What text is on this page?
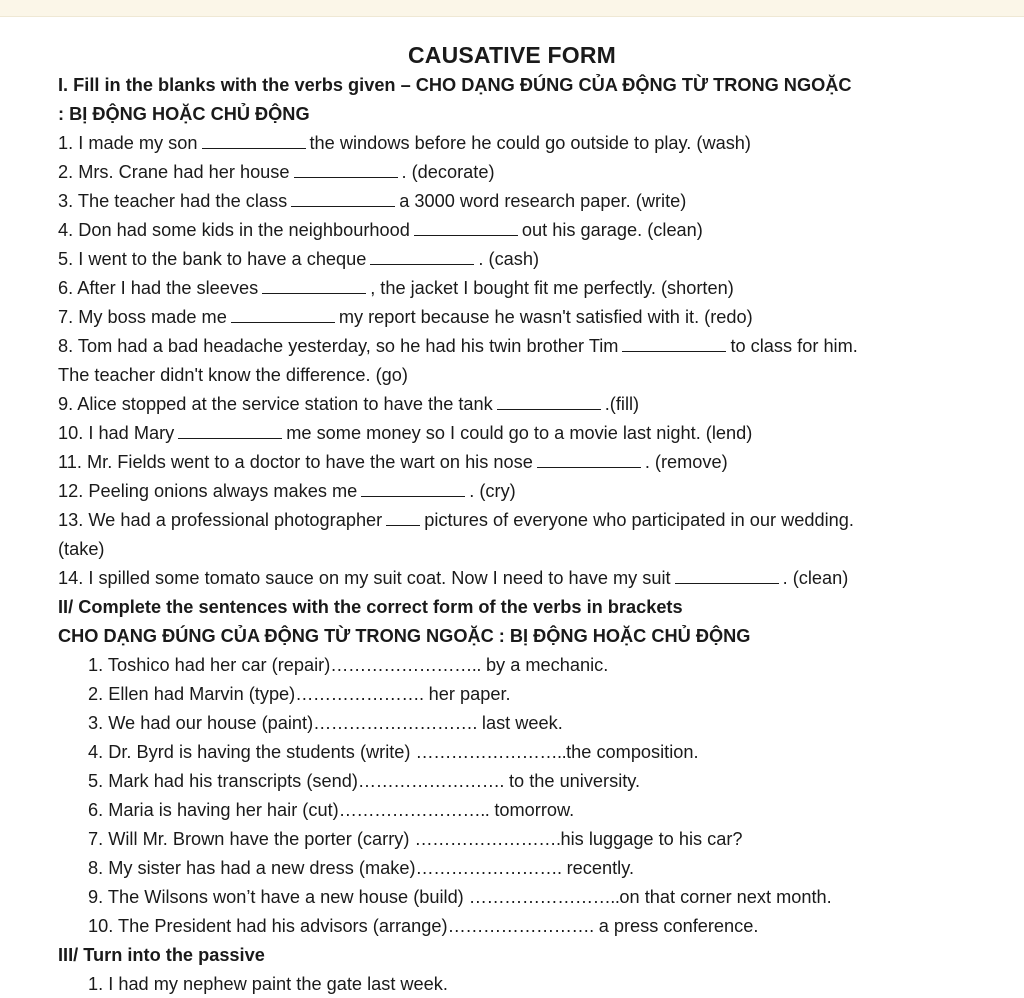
CAUSATIVE FORM
I. Fill in the blanks with the verbs given – CHO DẠNG ĐÚNG CỦA ĐỘNG TỪ TRONG NGOẶC
: BỊ ĐỘNG HOẶC CHỦ ĐỘNG
1. I made my son	the windows before he could go outside to play. (wash)
2. Mrs. Crane had her house	. (decorate)
3. The teacher had the class	a 3000 word research paper. (write)
4. Don had some kids in the neighbourhood	out his garage. (clean)
5. I went to the bank to have a cheque	. (cash)
6. After I had the sleeves	, the jacket I bought fit me perfectly. (shorten)
7. My boss made me	my report because he wasn't satisfied with it. (redo)
8. Tom had a bad headache yesterday, so he had his twin brother Tim	to class for him.
The teacher didn't know the difference. (go)
9. Alice stopped at the service station to have the tank	.(fill)
10. I had Mary	me some money so I could go to a movie last night. (lend)
11. Mr. Fields went to a doctor to have the wart on his nose	. (remove)
12. Peeling onions always makes me	. (cry)
13. We had a professional photographer pictures of everyone who participated in our wedding.
(take)
14. I spilled some tomato sauce on my suit coat. Now I need to have my suit	. (clean)
II/ Complete the sentences with the correct form of the verbs in brackets
CHO DẠNG ĐÚNG CỦA ĐỘNG TỪ TRONG NGOẶC : BỊ ĐỘNG HOẶC CHỦ ĐỘNG
1. Toshico had her car (repair)…………………….. by a mechanic.
2. Ellen had Marvin (type)…………………. her paper.
3. We had our house (paint)………………………. last week.
4. Dr. Byrd is having the students (write) ……………………..the composition.
5. Mark had his transcripts (send)……………………. to the university.
6. Maria is having her hair (cut)…………………….. tomorrow.
7. Will Mr. Brown have the porter (carry) …………………….his luggage to his car?
8. My sister has had a new dress (make)……………………. recently.
9. The Wilsons won’t have a new house (build) ……………………..on that corner next month.
10. The President had his advisors (arrange)……………………. a press conference.
III/ Turn into the passive
1. I had my nephew paint the gate last week.
